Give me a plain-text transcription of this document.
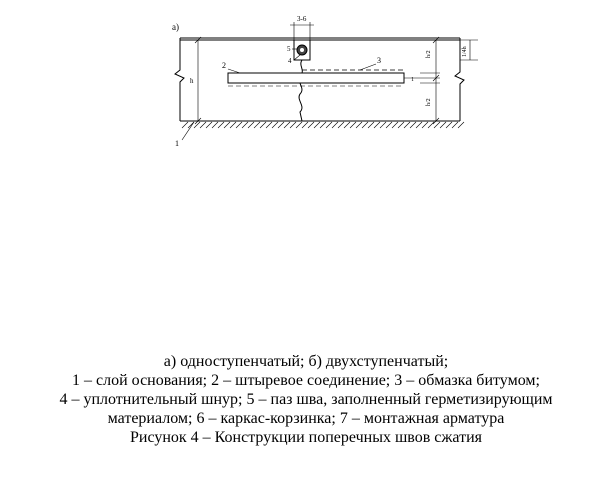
а)
2
3
4
5
1
3-6
h
h/2
h/2
1/4h
1
а) одноступенчатый; б) двухступенчатый;
1 – слой основания; 2 – штыревое соединение; 3 – обмазка битумом;
4 – уплотнительный шнур; 5 – паз шва, заполненный герметизирующим
материалом; 6 – каркас-корзинка; 7 – монтажная арматура
Рисунок 4 – Конструкции поперечных швов сжатия
